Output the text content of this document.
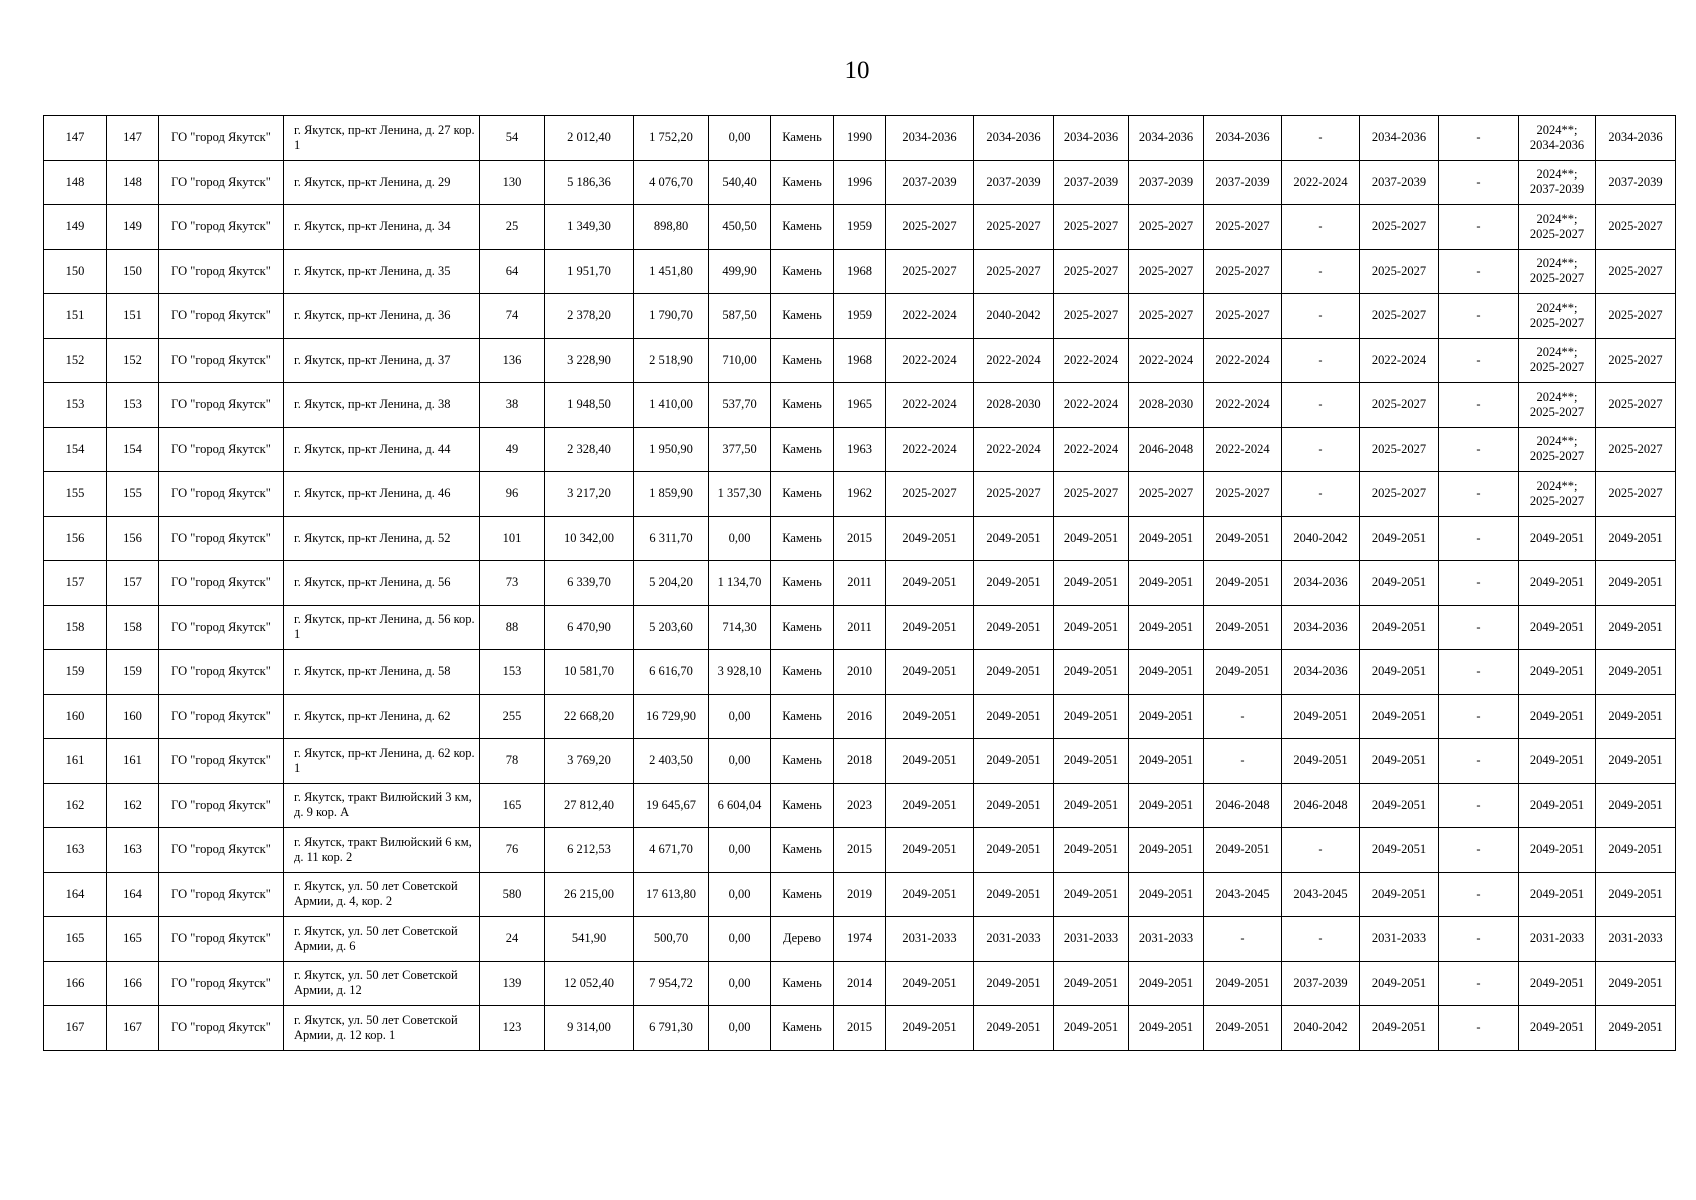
10
147	147	ГО "город Якутск"	г. Якутск, пр-кт Ленина, д. 27 кор. 1	54	2 012,40	1 752,20	0,00	Камень	1990	2034-2036	2034-2036	2034-2036	2034-2036	2034-2036	-	2034-2036	-	2024**; 2034-2036	2034-2036
148	148	ГО "город Якутск"	г. Якутск, пр-кт Ленина, д. 29	130	5 186,36	4 076,70	540,40	Камень	1996	2037-2039	2037-2039	2037-2039	2037-2039	2037-2039	2022-2024	2037-2039	-	2024**; 2037-2039	2037-2039
149	149	ГО "город Якутск"	г. Якутск, пр-кт Ленина, д. 34	25	1 349,30	898,80	450,50	Камень	1959	2025-2027	2025-2027	2025-2027	2025-2027	2025-2027	-	2025-2027	-	2024**; 2025-2027	2025-2027
150	150	ГО "город Якутск"	г. Якутск, пр-кт Ленина, д. 35	64	1 951,70	1 451,80	499,90	Камень	1968	2025-2027	2025-2027	2025-2027	2025-2027	2025-2027	-	2025-2027	-	2024**; 2025-2027	2025-2027
151	151	ГО "город Якутск"	г. Якутск, пр-кт Ленина, д. 36	74	2 378,20	1 790,70	587,50	Камень	1959	2022-2024	2040-2042	2025-2027	2025-2027	2025-2027	-	2025-2027	-	2024**; 2025-2027	2025-2027
152	152	ГО "город Якутск"	г. Якутск, пр-кт Ленина, д. 37	136	3 228,90	2 518,90	710,00	Камень	1968	2022-2024	2022-2024	2022-2024	2022-2024	2022-2024	-	2022-2024	-	2024**; 2025-2027	2025-2027
153	153	ГО "город Якутск"	г. Якутск, пр-кт Ленина, д. 38	38	1 948,50	1 410,00	537,70	Камень	1965	2022-2024	2028-2030	2022-2024	2028-2030	2022-2024	-	2025-2027	-	2024**; 2025-2027	2025-2027
154	154	ГО "город Якутск"	г. Якутск, пр-кт Ленина, д. 44	49	2 328,40	1 950,90	377,50	Камень	1963	2022-2024	2022-2024	2022-2024	2046-2048	2022-2024	-	2025-2027	-	2024**; 2025-2027	2025-2027
155	155	ГО "город Якутск"	г. Якутск, пр-кт Ленина, д. 46	96	3 217,20	1 859,90	1 357,30	Камень	1962	2025-2027	2025-2027	2025-2027	2025-2027	2025-2027	-	2025-2027	-	2024**; 2025-2027	2025-2027
156	156	ГО "город Якутск"	г. Якутск, пр-кт Ленина, д. 52	101	10 342,00	6 311,70	0,00	Камень	2015	2049-2051	2049-2051	2049-2051	2049-2051	2049-2051	2040-2042	2049-2051	-	2049-2051	2049-2051
157	157	ГО "город Якутск"	г. Якутск, пр-кт Ленина, д. 56	73	6 339,70	5 204,20	1 134,70	Камень	2011	2049-2051	2049-2051	2049-2051	2049-2051	2049-2051	2034-2036	2049-2051	-	2049-2051	2049-2051
158	158	ГО "город Якутск"	г. Якутск, пр-кт Ленина, д. 56 кор. 1	88	6 470,90	5 203,60	714,30	Камень	2011	2049-2051	2049-2051	2049-2051	2049-2051	2049-2051	2034-2036	2049-2051	-	2049-2051	2049-2051
159	159	ГО "город Якутск"	г. Якутск, пр-кт Ленина, д. 58	153	10 581,70	6 616,70	3 928,10	Камень	2010	2049-2051	2049-2051	2049-2051	2049-2051	2049-2051	2034-2036	2049-2051	-	2049-2051	2049-2051
160	160	ГО "город Якутск"	г. Якутск, пр-кт Ленина, д. 62	255	22 668,20	16 729,90	0,00	Камень	2016	2049-2051	2049-2051	2049-2051	2049-2051	-	2049-2051	2049-2051	-	2049-2051	2049-2051
161	161	ГО "город Якутск"	г. Якутск, пр-кт Ленина, д. 62 кор. 1	78	3 769,20	2 403,50	0,00	Камень	2018	2049-2051	2049-2051	2049-2051	2049-2051	-	2049-2051	2049-2051	-	2049-2051	2049-2051
162	162	ГО "город Якутск"	г. Якутск, тракт Вилюйский 3 км, д. 9 кор. А	165	27 812,40	19 645,67	6 604,04	Камень	2023	2049-2051	2049-2051	2049-2051	2049-2051	2046-2048	2046-2048	2049-2051	-	2049-2051	2049-2051
163	163	ГО "город Якутск"	г. Якутск, тракт Вилюйский 6 км, д. 11 кор. 2	76	6 212,53	4 671,70	0,00	Камень	2015	2049-2051	2049-2051	2049-2051	2049-2051	2049-2051	-	2049-2051	-	2049-2051	2049-2051
164	164	ГО "город Якутск"	г. Якутск, ул. 50 лет Советской Армии, д. 4, кор. 2	580	26 215,00	17 613,80	0,00	Камень	2019	2049-2051	2049-2051	2049-2051	2049-2051	2043-2045	2043-2045	2049-2051	-	2049-2051	2049-2051
165	165	ГО "город Якутск"	г. Якутск, ул. 50 лет Советской Армии, д. 6	24	541,90	500,70	0,00	Дерево	1974	2031-2033	2031-2033	2031-2033	2031-2033	-	-	2031-2033	-	2031-2033	2031-2033
166	166	ГО "город Якутск"	г. Якутск, ул. 50 лет Советской Армии, д. 12	139	12 052,40	7 954,72	0,00	Камень	2014	2049-2051	2049-2051	2049-2051	2049-2051	2049-2051	2037-2039	2049-2051	-	2049-2051	2049-2051
167	167	ГО "город Якутск"	г. Якутск, ул. 50 лет Советской Армии, д. 12 кор. 1	123	9 314,00	6 791,30	0,00	Камень	2015	2049-2051	2049-2051	2049-2051	2049-2051	2049-2051	2040-2042	2049-2051	-	2049-2051	2049-2051
